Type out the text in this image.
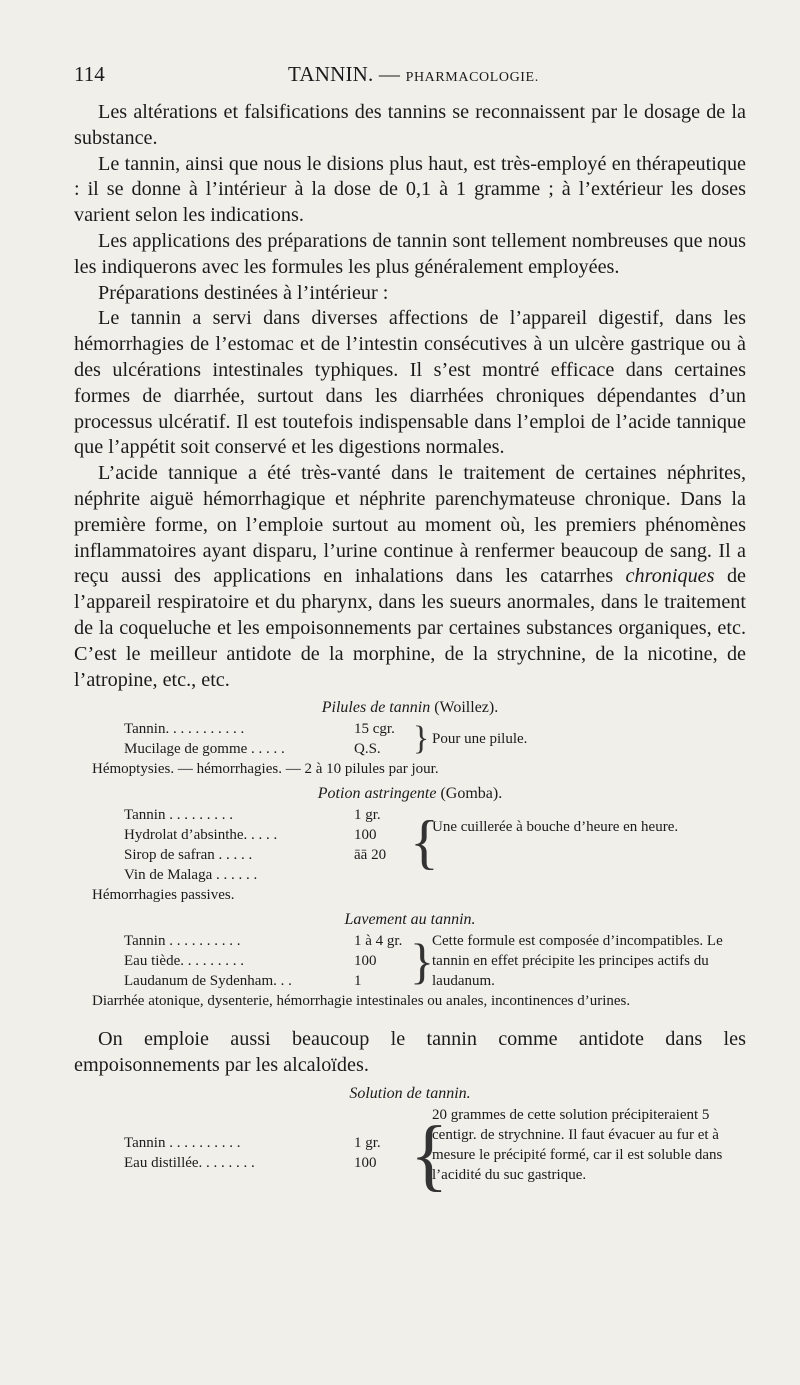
114	TANNIN. — PHARMACOLOGIE.

Les altérations et falsifications des tannins se reconnaissent par le dosage de la substance.

Le tannin, ainsi que nous le disions plus haut, est très-employé en thérapeutique : il se donne à l’intérieur à la dose de 0,1 à 1 gramme ; à l’extérieur les doses varient selon les indications.

Les applications des préparations de tannin sont tellement nombreuses que nous les indiquerons avec les formules les plus généralement employées.

Préparations destinées à l’intérieur :

Le tannin a servi dans diverses affections de l’appareil digestif, dans les hémorrhagies de l’estomac et de l’intestin consécutives à un ulcère gastrique ou à des ulcérations intestinales typhiques. Il s’est montré efficace dans certaines formes de diarrhée, surtout dans les diarrhées chroniques dépendantes d’un processus ulcératif. Il est toutefois indispensable dans l’emploi de l’acide tannique que l’appétit soit conservé et les digestions normales.

L’acide tannique a été très-vanté dans le traitement de certaines néphrites, néphrite aiguë hémorrhagique et néphrite parenchymateuse chronique. Dans la première forme, on l’emploie surtout au moment où, les premiers phénomènes inflammatoires ayant disparu, l’urine continue à renfermer beaucoup de sang. Il a reçu aussi des applications en inhalations dans les catarrhes chroniques de l’appareil respiratoire et du pharynx, dans les sueurs anormales, dans le traitement de la coqueluche et les empoisonnements par certaines substances organiques, etc. C’est le meilleur antidote de la morphine, de la strychnine, de la nicotine, de l’atropine, etc., etc.

Pilules de tannin (Woillez).
Tannin. . . . . . . . . . .	15 cgr.
Mucilage de gomme . . . . .	Q.S. } Pour une pilule.
Hémoptysies. — hémorrhagies. — 2 à 10 pilules par jour.
Potion astringente (Gomba).
Tannin . . . . . . . . .	1 gr.
Hydrolat d’absinthe. . . . .	100
Sirop de safran . . . . .	āā 20
Vin de Malaga . . . . . .	{
Une cuillerée à bouche d’heure en heure.
Hémorrhagies passives.
Lavement au tannin.
Tannin . . . . . . . . . .	1 à 4 gr.
Eau tiède. . . . . . . . .	100
Laudanum de Sydenham. . .	1 }
Cette formule est composée d’incompatibles. Le tannin en effet précipite les principes actifs du laudanum.
Diarrhée atonique, dysenterie, hémorrhagie intestinales ou anales, incontinences d’urines.

On emploie aussi beaucoup le tannin comme antidote dans les empoisonnements par les alcaloïdes.

Solution de tannin.
Tannin . . . . . . . . . .	1 gr.
Eau distillée. . . . . . . .	100 {
20 grammes de cette solution précipiteraient 5 centigr. de strychnine. Il faut évacuer au fur et à mesure le précipité formé, car il est soluble dans l’acidité du suc gastrique.
